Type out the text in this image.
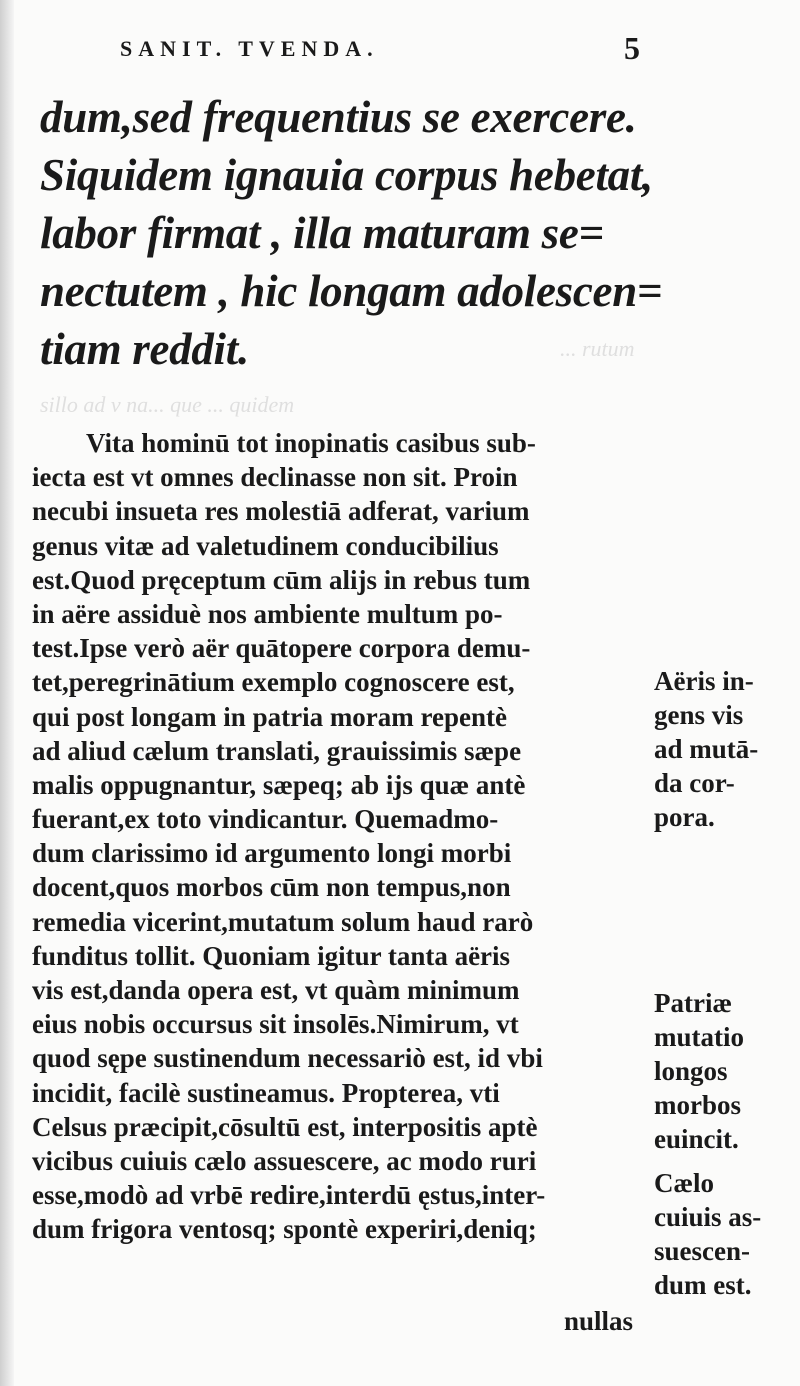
sillo ad v na... que ... quidem
... rutum
SANIT. TVENDA.	5
dum,sed frequentius se exercere.
Siquidem ignauia corpus hebetat,
labor firmat , illa maturam se=
nectutem , hic longam adolescen=
tiam reddit.
Vita hominū tot inopinatis casibus sub-
iecta est vt omnes declinasse non sit. Proin
necubi insueta res molestiā adferat, varium
genus vitæ ad valetudinem conducibilius
est.Quod pręceptum cūm alijs in rebus tum
in aëre assiduè nos ambiente multum po-
test.Ipse verò aër quātopere corpora demu-
tet,peregrinātium exemplo cognoscere est,
qui post longam in patria moram repentè
ad aliud cælum translati, grauissimis sæpe
malis oppugnantur, sæpeq; ab ijs quæ antè
fuerant,ex toto vindicantur. Quemadmo-
dum clarissimo id argumento longi morbi
docent,quos morbos cūm non tempus,non
remedia vicerint,mutatum solum haud rarò
funditus tollit. Quoniam igitur tanta aëris
vis est,danda opera est, vt quàm minimum
eius nobis occursus sit insolēs.Nimirum, vt
quod sępe sustinendum necessariò est, id vbi
incidit, facilè sustineamus. Propterea, vti
Celsus præcipit,cōsultū est, interpositis aptè
vicibus cuiuis cælo assuescere, ac modo ruri
esse,modò ad vrbē redire,interdū ęstus,inter-
dum frigora ventosq; spontè experiri,deniq;
nullas
Aëris in-
gens vis
ad mutā-
da cor-
pora.
Patriæ
mutatio
longos
morbos
euincit.
Cælo
cuiuis as-
suescen-
dum est.
